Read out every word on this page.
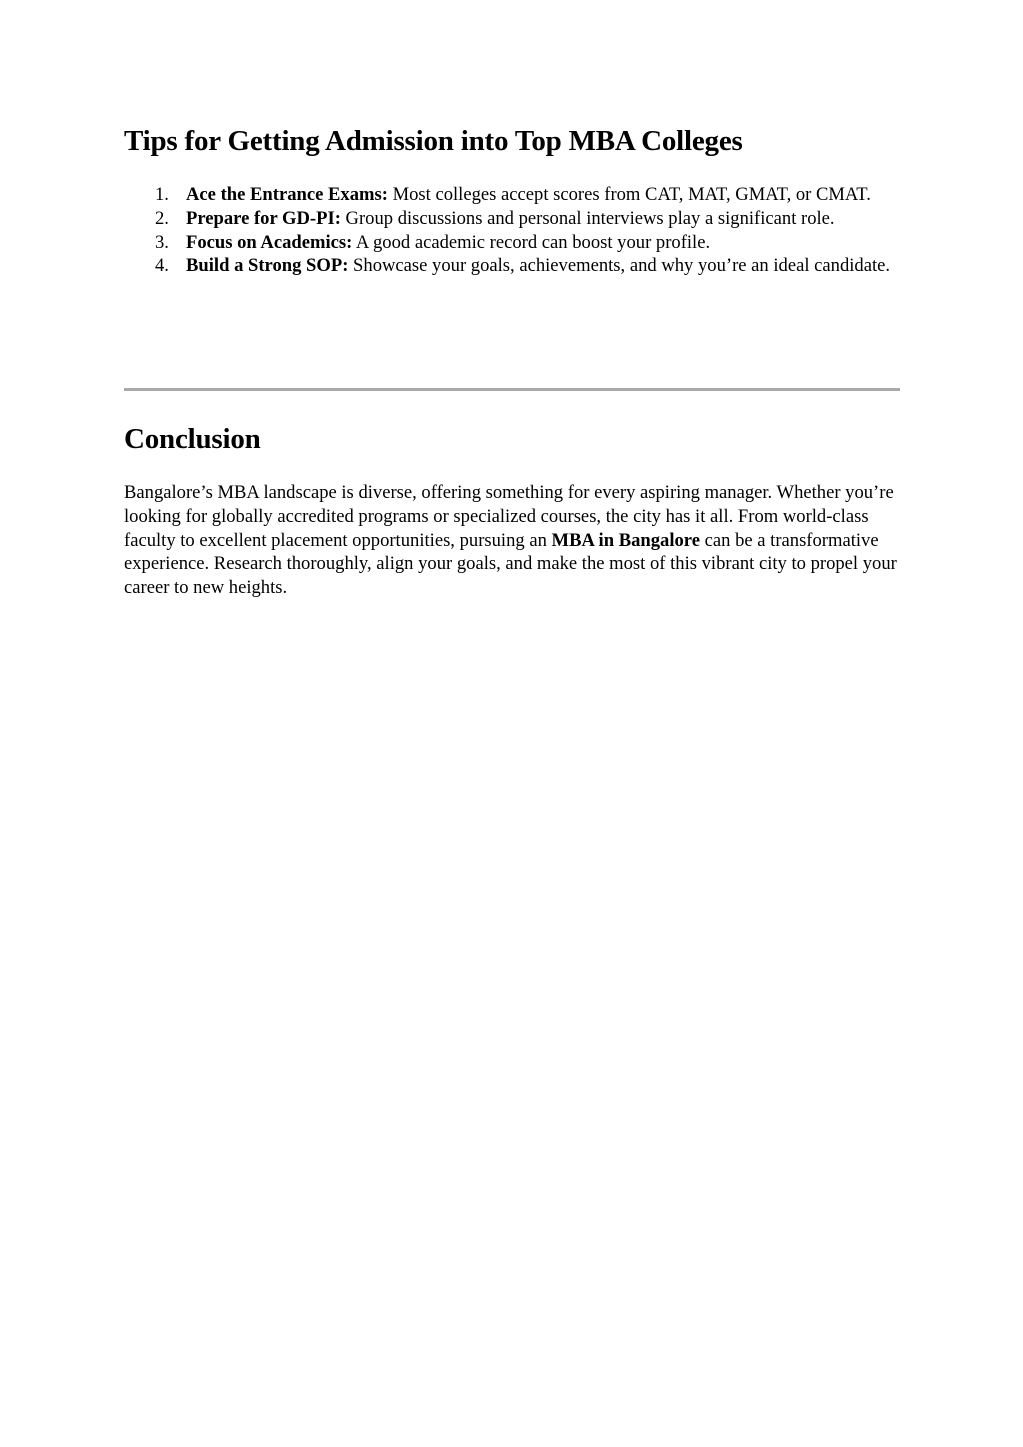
Tips for Getting Admission into Top MBA Colleges
1. Ace the Entrance Exams: Most colleges accept scores from CAT, MAT, GMAT, or CMAT.
2. Prepare for GD-PI: Group discussions and personal interviews play a significant role.
3. Focus on Academics: A good academic record can boost your profile.
4. Build a Strong SOP: Showcase your goals, achievements, and why you’re an ideal candidate.
Conclusion

Bangalore’s MBA landscape is diverse, offering something for every aspiring manager. Whether you’re looking for globally accredited programs or specialized courses, the city has it all. From world-class faculty to excellent placement opportunities, pursuing an MBA in Bangalore can be a transformative experience. Research thoroughly, align your goals, and make the most of this vibrant city to propel your career to new heights.
